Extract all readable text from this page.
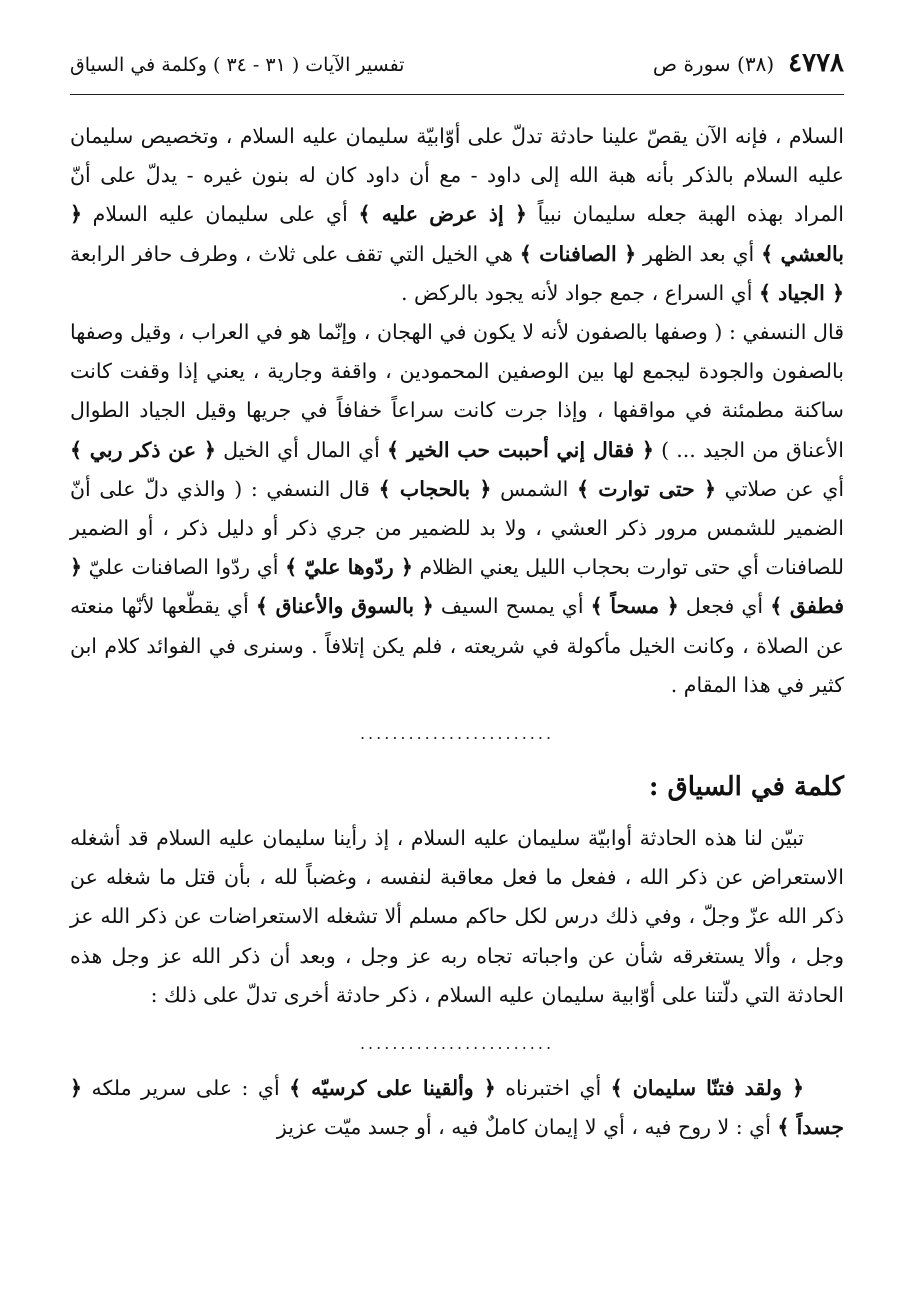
٤٧٧٨
(٣٨) سورة ص
تفسير الآيات ( ٣١ - ٣٤ ) وكلمة في السياق

السلام ، فإنه الآن يقصّ علينا حادثة تدلّ على أوّابيّة سليمان عليه السلام ، وتخصيص سليمان عليه السلام بالذكر بأنه هبة الله إلى داود - مع أن داود كان له بنون غيره - يدلّ على أنّ المراد بهذه الهبة جعله سليمان نبياً ﴿ إذ عرض عليه ﴾ أي على سليمان عليه السلام ﴿ بالعشي ﴾ أي بعد الظهر ﴿ الصافنات ﴾ هي الخيل التي تقف على ثلاث ، وطرف حافر الرابعة ﴿ الجياد ﴾ أي السراع ، جمع جواد لأنه يجود بالركض .

قال النسفي : ( وصفها بالصفون لأنه لا يكون في الهجان ، وإنّما هو في العراب ، وقيل وصفها بالصفون والجودة ليجمع لها بين الوصفين المحمودين ، واقفة وجارية ، يعني إذا وقفت كانت ساكنة مطمئنة في مواقفها ، وإذا جرت كانت سراعاً خفافاً في جريها وقيل الجياد الطوال الأعناق من الجيد ... ) ﴿ فقال إني أحببت حب الخير ﴾ أي المال أي الخيل ﴿ عن ذكر ربي ﴾ أي عن صلاتي ﴿ حتى توارت ﴾ الشمس ﴿ بالحجاب ﴾ قال النسفي : ( والذي دلّ على أنّ الضمير للشمس مرور ذكر العشي ، ولا بد للضمير من جري ذكر أو دليل ذكر ، أو الضمير للصافنات أي حتى توارت بحجاب الليل يعني الظلام ﴿ ردّوها عليّ ﴾ أي ردّوا الصافنات عليّ ﴿ فطفق ﴾ أي فجعل ﴿ مسحاً ﴾ أي يمسح السيف ﴿ بالسوق والأعناق ﴾ أي يقطّعها لأنّها منعته عن الصلاة ، وكانت الخيل مأكولة في شريعته ، فلم يكن إتلافاً . وسنرى في الفوائد كلام ابن كثير في هذا المقام .

........................
كلمة في السياق :

تبيّن لنا هذه الحادثة أوابيّة سليمان عليه السلام ، إذ رأينا سليمان عليه السلام قد أشغله الاستعراض عن ذكر الله ، ففعل ما فعل معاقبة لنفسه ، وغضباً لله ، بأن قتل ما شغله عن ذكر الله عزّ وجلّ ، وفي ذلك درس لكل حاكم مسلم ألا تشغله الاستعراضات عن ذكر الله عز وجل ، وألا يستغرقه شأن عن واجباته تجاه ربه عز وجل ، وبعد أن ذكر الله عز وجل هذه الحادثة التي دلّتنا على أوّابية سليمان عليه السلام ، ذكر حادثة أخرى تدلّ على ذلك :

........................

﴿ ولقد فتنّا سليمان ﴾ أي اختبرناه ﴿ وألقينا على كرسيّه ﴾ أي : على سرير ملكه ﴿ جسداً ﴾ أي : لا روح فيه ، أي لا إيمان كاملٌ فيه ، أو جسد ميّت عزيز
